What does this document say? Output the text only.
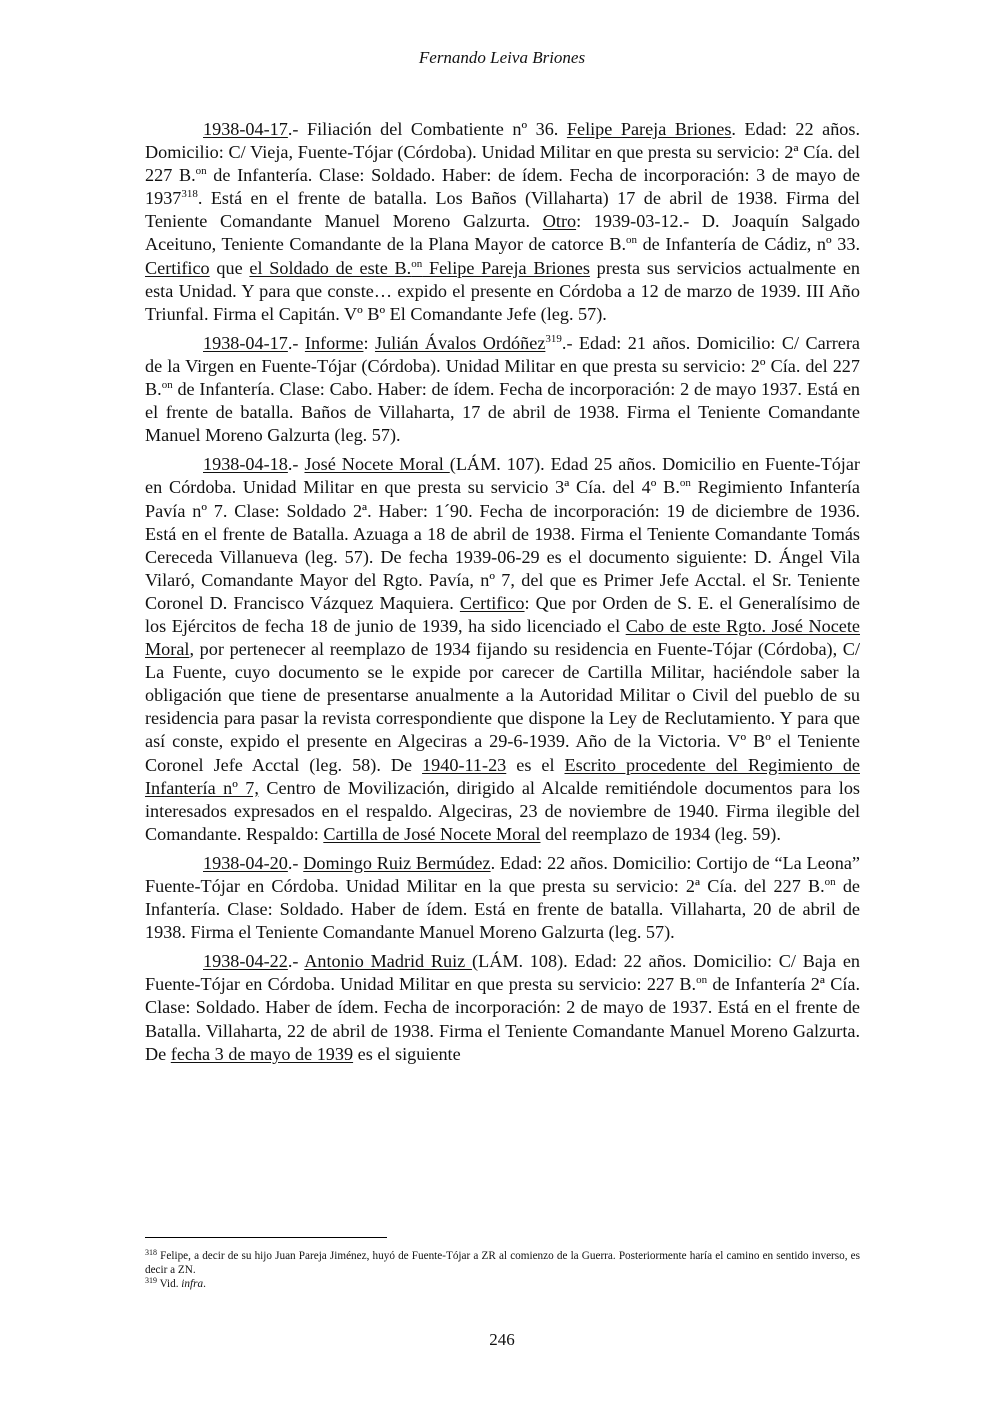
Fernando Leiva Briones

1938-04-17.- Filiación del Combatiente nº 36. Felipe Pareja Briones. Edad: 22 años. Domicilio: C/ Vieja, Fuente-Tójar (Córdoba). Unidad Militar en que presta su servicio: 2ª Cía. del 227 B.$^{on}$ de Infantería. Clase: Soldado. Haber: de ídem. Fecha de incorporación: 3 de mayo de 1937$^{318}$. Está en el frente de batalla. Los Baños (Villaharta) 17 de abril de 1938. Firma del Teniente Comandante Manuel Moreno Galzurta. Otro: 1939-03-12.- D. Joaquín Salgado Aceituno, Teniente Comandante de la Plana Mayor de catorce B.$^{on}$ de Infantería de Cádiz, nº 33. Certifico que el Soldado de este B.$^{on}$ Felipe Pareja Briones presta sus servicios actualmente en esta Unidad. Y para que conste… expido el presente en Córdoba a 12 de marzo de 1939. III Año Triunfal. Firma el Capitán. Vº Bº El Comandante Jefe (leg. 57).

1938-04-17.- Informe: Julián Ávalos Ordóñez$^{319}$.- Edad: 21 años. Domicilio: C/ Carrera de la Virgen en Fuente-Tójar (Córdoba). Unidad Militar en que presta su servicio: 2º Cía. del 227 B.$^{on}$ de Infantería. Clase: Cabo. Haber: de ídem. Fecha de incorporación: 2 de mayo 1937. Está en el frente de batalla. Baños de Villaharta, 17 de abril de 1938. Firma el Teniente Comandante Manuel Moreno Galzurta (leg. 57).

1938-04-18.- José Nocete Moral (LÁM. 107). Edad 25 años. Domicilio en Fuente-Tójar en Córdoba. Unidad Militar en que presta su servicio 3ª Cía. del 4º B.$^{on}$ Regimiento Infantería Pavía nº 7. Clase: Soldado 2ª. Haber: 1´90. Fecha de incorporación: 19 de diciembre de 1936. Está en el frente de Batalla. Azuaga a 18 de abril de 1938. Firma el Teniente Comandante Tomás Cereceda Villanueva (leg. 57). De fecha 1939-06-29 es el documento siguiente: D. Ángel Vila Vilaró, Comandante Mayor del Rgto. Pavía, nº 7, del que es Primer Jefe Acctal. el Sr. Teniente Coronel D. Francisco Vázquez Maquiera. Certifico: Que por Orden de S. E. el Generalísimo de los Ejércitos de fecha 18 de junio de 1939, ha sido licenciado el Cabo de este Rgto. José Nocete Moral, por pertenecer al reemplazo de 1934 fijando su residencia en Fuente-Tójar (Córdoba), C/ La Fuente, cuyo documento se le expide por carecer de Cartilla Militar, haciéndole saber la obligación que tiene de presentarse anualmente a la Autoridad Militar o Civil del pueblo de su residencia para pasar la revista correspondiente que dispone la Ley de Reclutamiento. Y para que así conste, expido el presente en Algeciras a 29-6-1939. Año de la Victoria. Vº Bº el Teniente Coronel Jefe Acctal (leg. 58). De 1940-11-23 es el Escrito procedente del Regimiento de Infantería nº 7, Centro de Movilización, dirigido al Alcalde remitiéndole documentos para los interesados expresados en el respaldo. Algeciras, 23 de noviembre de 1940. Firma ilegible del Comandante. Respaldo: Cartilla de José Nocete Moral del reemplazo de 1934 (leg. 59).

1938-04-20.- Domingo Ruiz Bermúdez. Edad: 22 años. Domicilio: Cortijo de “La Leona” Fuente-Tójar en Córdoba. Unidad Militar en la que presta su servicio: 2ª Cía. del 227 B.$^{on}$ de Infantería. Clase: Soldado. Haber de ídem. Está en frente de batalla. Villaharta, 20 de abril de 1938. Firma el Teniente Comandante Manuel Moreno Galzurta (leg. 57).

1938-04-22.- Antonio Madrid Ruiz (LÁM. 108). Edad: 22 años. Domicilio: C/ Baja en Fuente-Tójar en Córdoba. Unidad Militar en que presta su servicio: 227 B.$^{on}$ de Infantería 2ª Cía. Clase: Soldado. Haber de ídem. Fecha de incorporación: 2 de mayo de 1937. Está en el frente de Batalla. Villaharta, 22 de abril de 1938. Firma el Teniente Comandante Manuel Moreno Galzurta. De fecha 3 de mayo de 1939 es el siguiente

$^{318}$ Felipe, a decir de su hijo Juan Pareja Jiménez, huyó de Fuente-Tójar a ZR al comienzo de la Guerra. Posteriormente haría el camino en sentido inverso, es decir a ZN.

$^{319}$ Vid. infra.

246
